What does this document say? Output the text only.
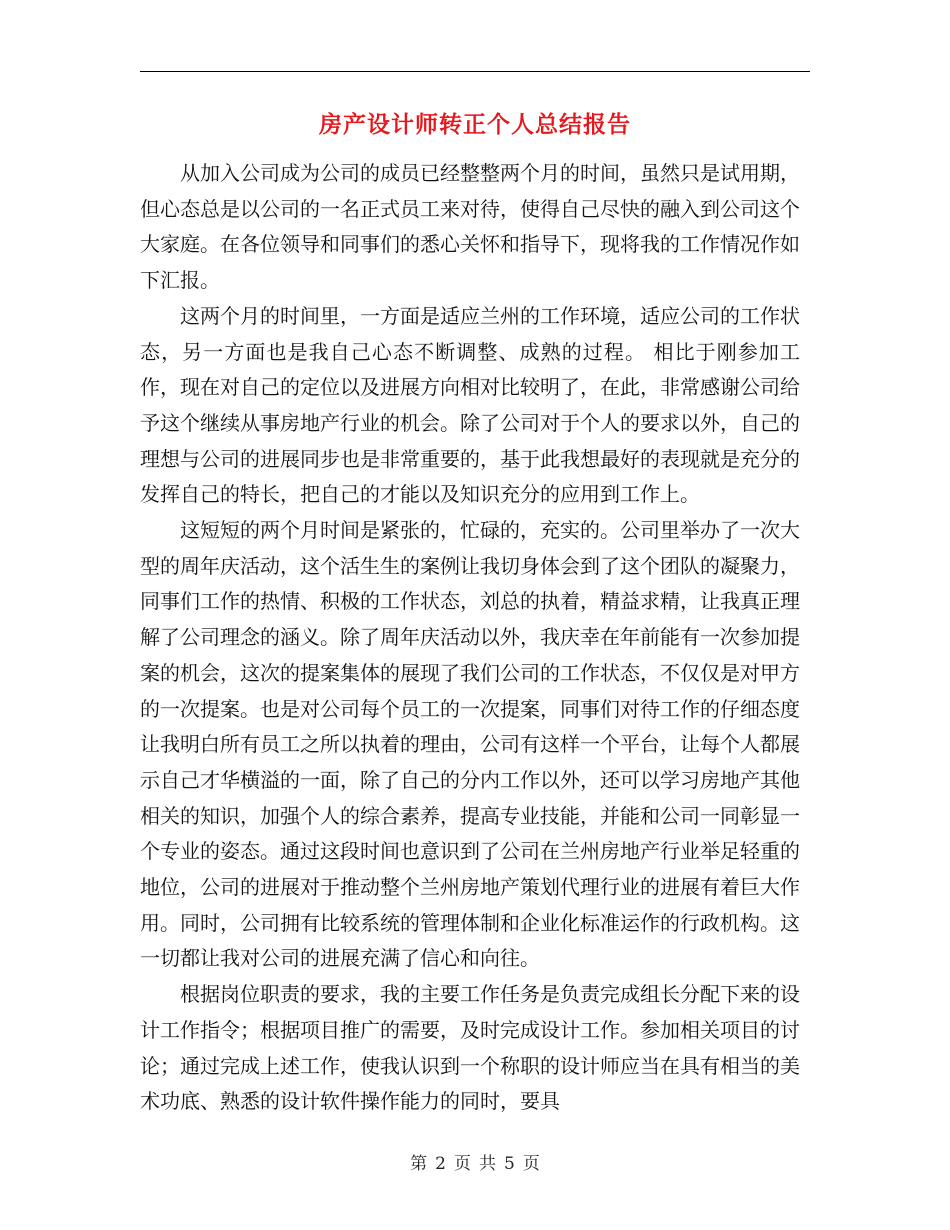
房产设计师转正个人总结报告

从加入公司成为公司的成员已经整整两个月的时间，虽然只是试用期，但心态总是以公司的一名正式员工来对待，使得自己尽快的融入到公司这个大家庭。在各位领导和同事们的悉心关怀和指导下，现将我的工作情况作如下汇报。

这两个月的时间里，一方面是适应兰州的工作环境，适应公司的工作状态，另一方面也是我自己心态不断调整、成熟的过程。 相比于刚参加工作，现在对自己的定位以及进展方向相对比较明了，在此，非常感谢公司给予这个继续从事房地产行业的机会。除了公司对于个人的要求以外，自己的理想与公司的进展同步也是非常重要的，基于此我想最好的表现就是充分的发挥自己的特长，把自己的才能以及知识充分的应用到工作上。

这短短的两个月时间是紧张的，忙碌的，充实的。公司里举办了一次大型的周年庆活动，这个活生生的案例让我切身体会到了这个团队的凝聚力，同事们工作的热情、积极的工作状态，刘总的执着，精益求精，让我真正理解了公司理念的涵义。除了周年庆活动以外，我庆幸在年前能有一次参加提案的机会，这次的提案集体的展现了我们公司的工作状态，不仅仅是对甲方的一次提案。也是对公司每个员工的一次提案，同事们对待工作的仔细态度让我明白所有员工之所以执着的理由，公司有这样一个平台，让每个人都展示自己才华横溢的一面，除了自己的分内工作以外，还可以学习房地产其他相关的知识，加强个人的综合素养，提高专业技能，并能和公司一同彰显一个专业的姿态。通过这段时间也意识到了公司在兰州房地产行业举足轻重的地位，公司的进展对于推动整个兰州房地产策划代理行业的进展有着巨大作用。同时，公司拥有比较系统的管理体制和企业化标准运作的行政机构。这一切都让我对公司的进展充满了信心和向往。

根据岗位职责的要求，我的主要工作任务是负责完成组长分配下来的设计工作指令；根据项目推广的需要，及时完成设计工作。参加相关项目的讨论；通过完成上述工作，使我认识到一个称职的设计师应当在具有相当的美术功底、熟悉的设计软件操作能力的同时，要具

第 2 页 共 5 页
